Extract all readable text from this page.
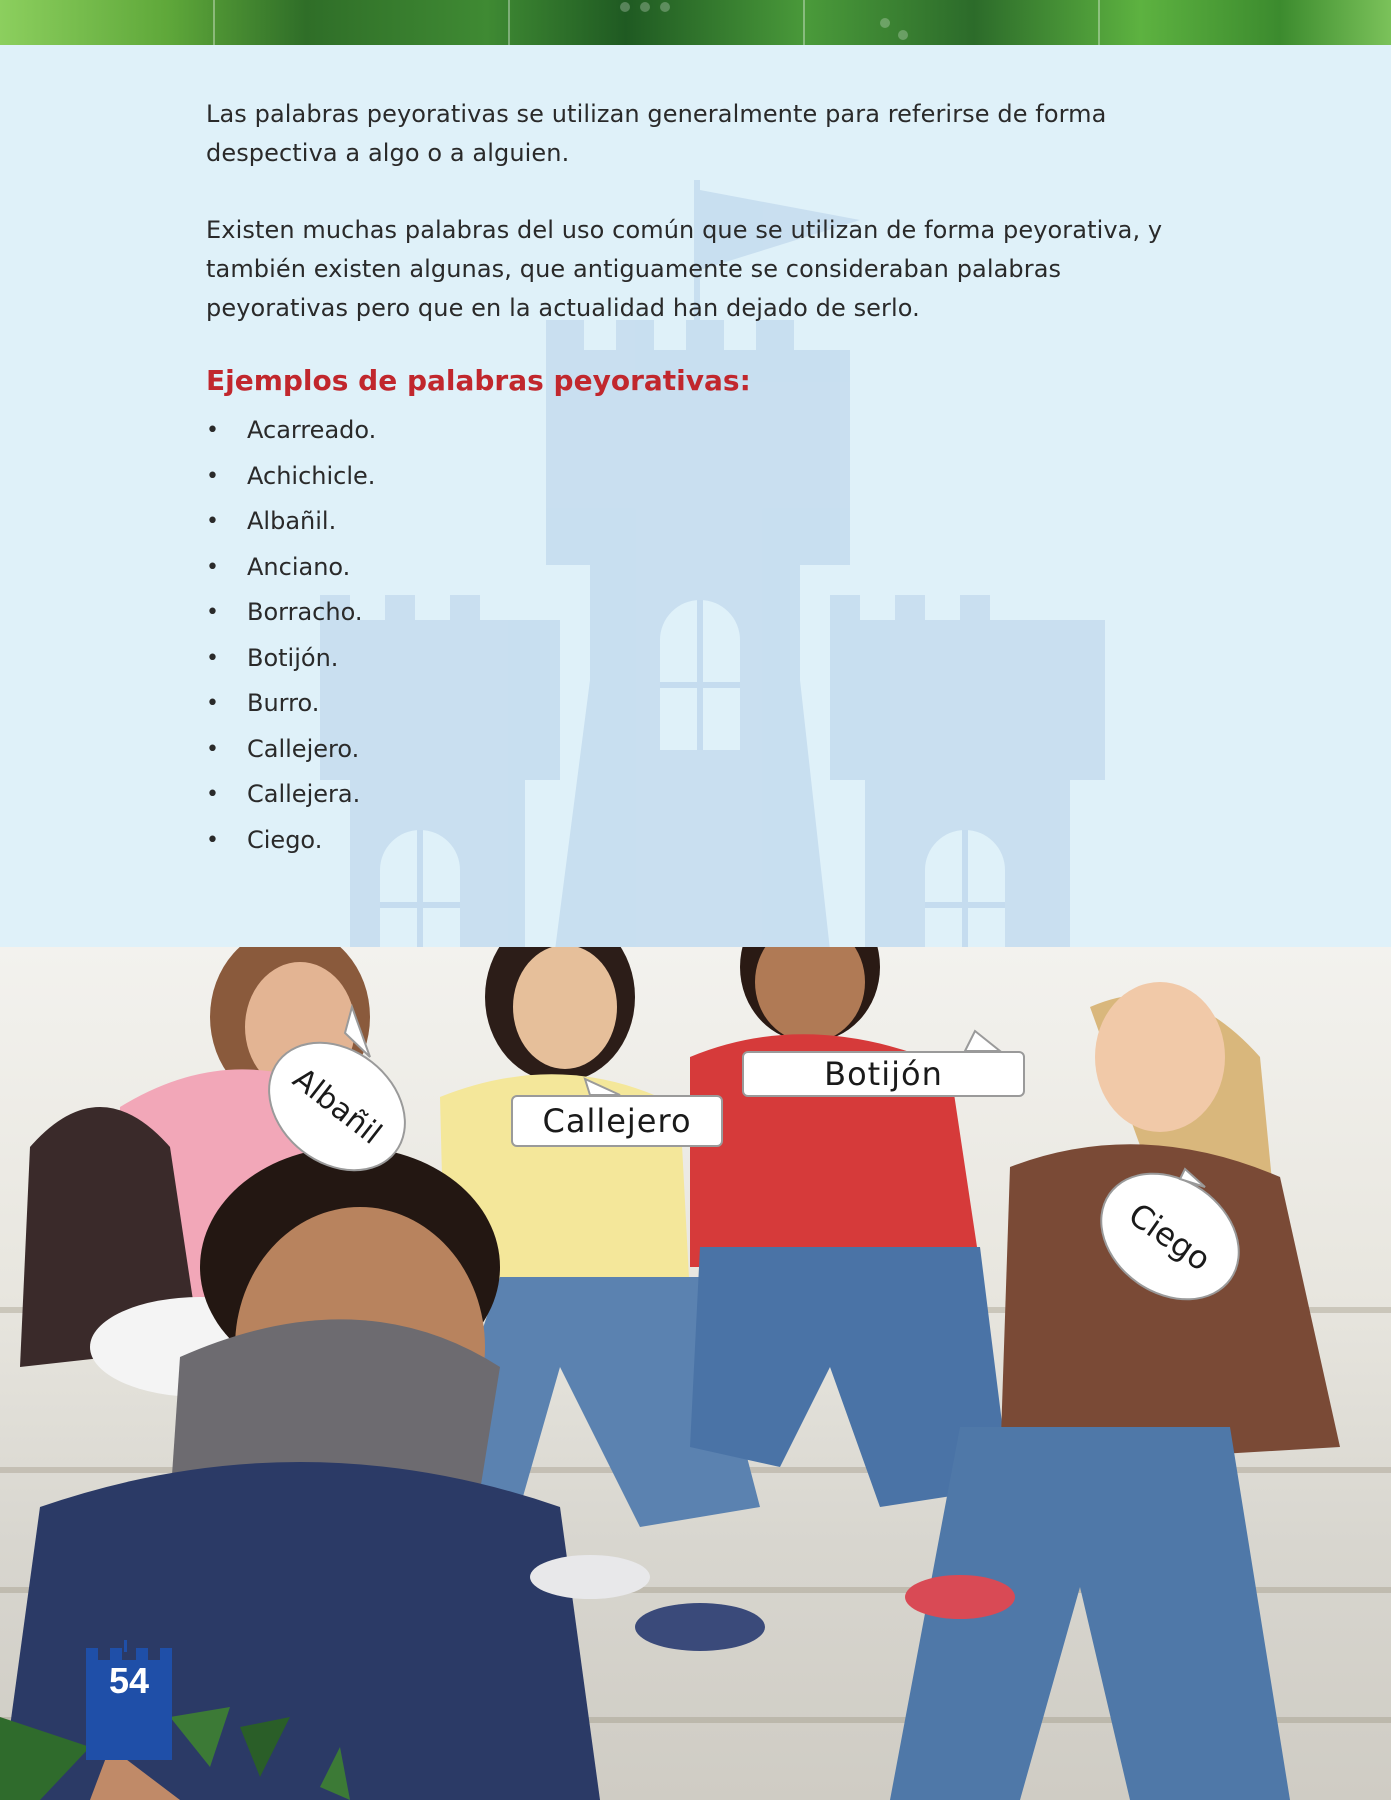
Las palabras peyorativas se utilizan generalmente para referirse de forma despectiva a algo o a alguien.

Existen muchas palabras del uso común que se utilizan de forma peyorativa, y también existen algunas, que antiguamente se consideraban palabras peyorativas pero que en la actualidad han dejado de serlo.

Ejemplos de palabras peyorativas:
• Acarreado.
• Achichicle.
• Albañil.
• Anciano.
• Borracho.
• Botijón.
• Burro.
• Callejero.
• Callejera.
• Ciego.
Albañil	Callejero
Botijón
Ciego
54
